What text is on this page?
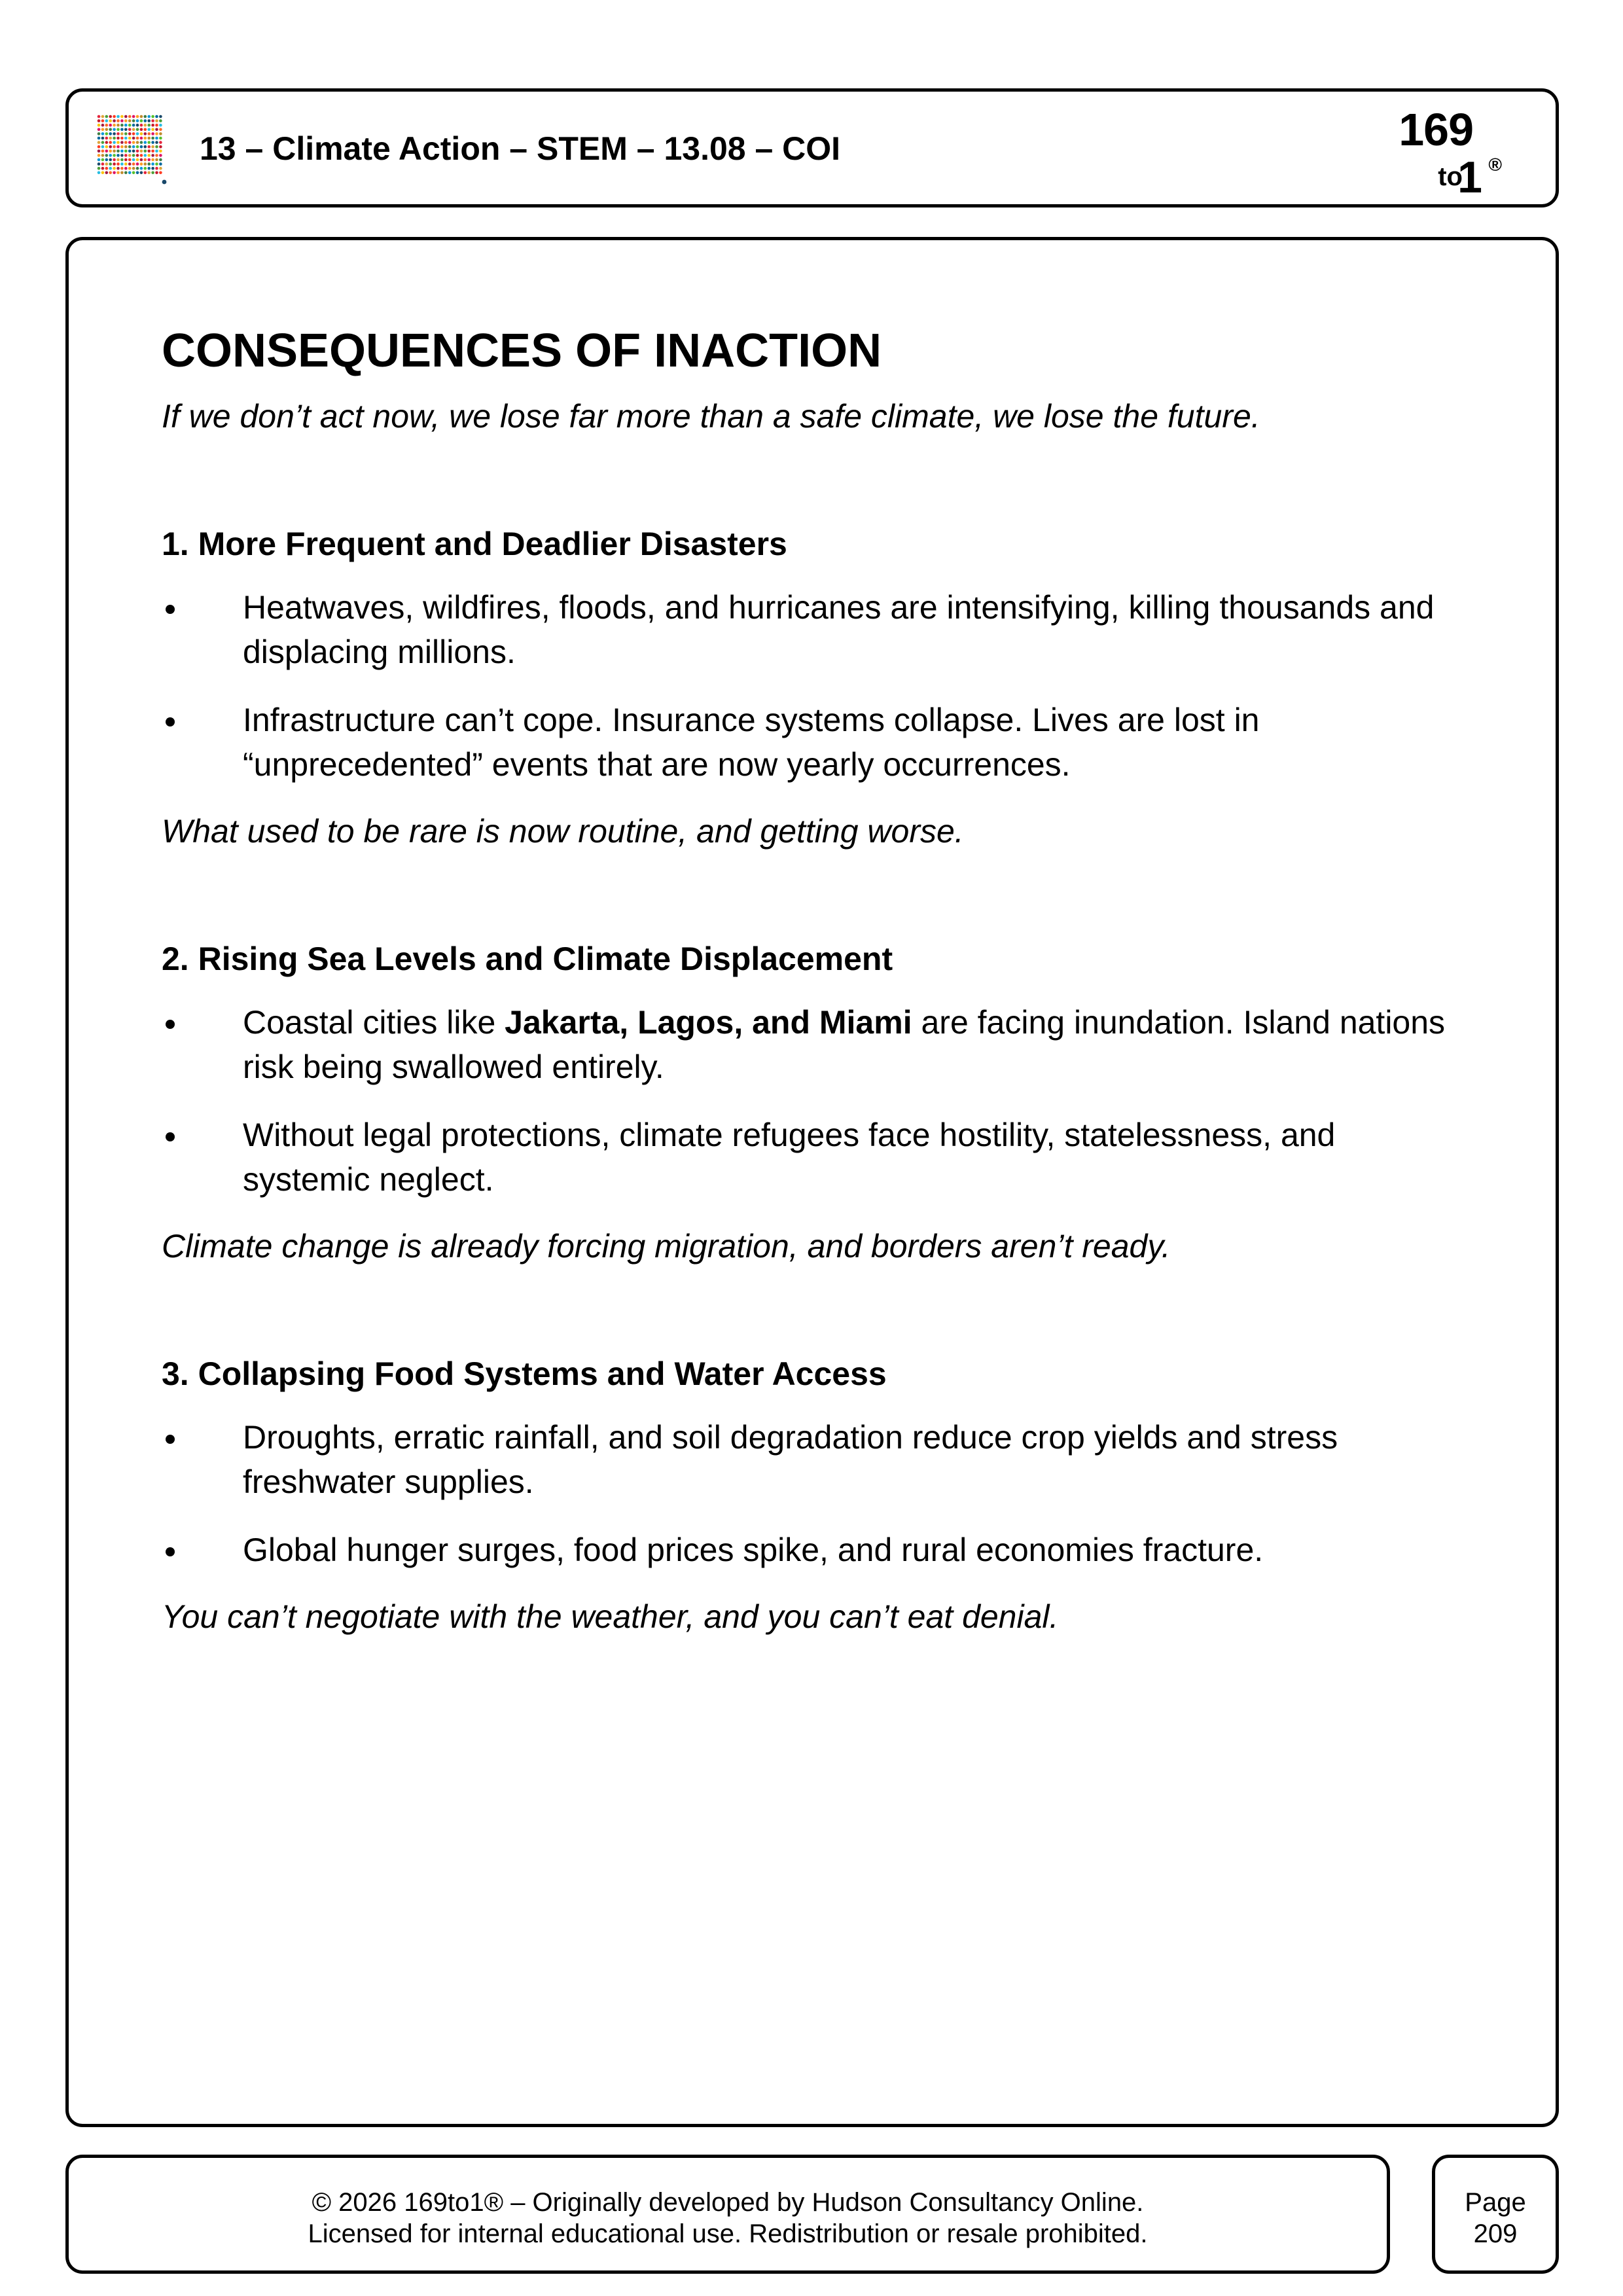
13 – Climate Action – STEM – 13.08 – COI	169
to
1 ®
CONSEQUENCES OF INACTION
If we don’t act now, we lose far more than a safe climate, we lose the future.
1. More Frequent and Deadlier Disasters
Heatwaves, wildfires, floods, and hurricanes are intensifying, killing thousands and displacing millions.
Infrastructure can’t cope. Insurance systems collapse. Lives are lost in “unprecedented” events that are now yearly occurrences.
What used to be rare is now routine, and getting worse.
2. Rising Sea Levels and Climate Displacement
Coastal cities like Jakarta, Lagos, and Miami are facing inundation. Island nations risk being swallowed entirely.
Without legal protections, climate refugees face hostility, statelessness, and systemic neglect.
Climate change is already forcing migration, and borders aren’t ready.
3. Collapsing Food Systems and Water Access
Droughts, erratic rainfall, and soil degradation reduce crop yields and stress freshwater supplies.
Global hunger surges, food prices spike, and rural economies fracture.
You can’t negotiate with the weather, and you can’t eat denial.
© 2026 169to1® – Originally developed by Hudson Consultancy Online.
Licensed for internal educational use. Redistribution or resale prohibited.
Page
209
